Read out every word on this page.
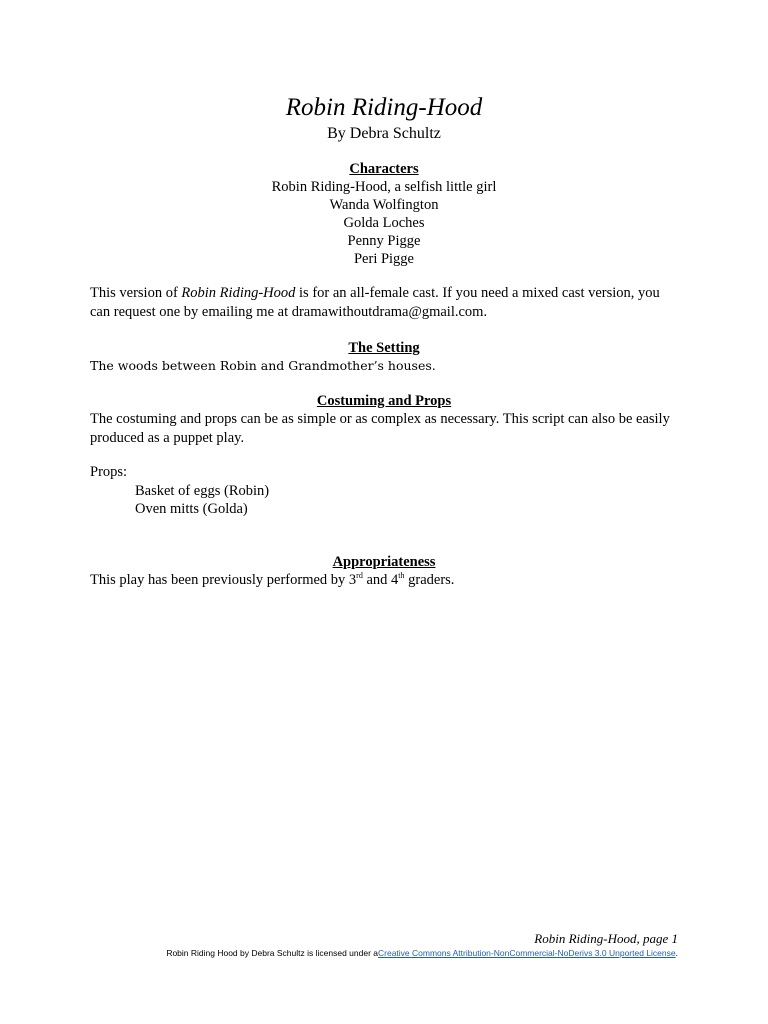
Robin Riding-Hood
By Debra Schultz
Characters
Robin Riding-Hood, a selfish little girl
Wanda Wolfington
Golda Loches
Penny Pigge
Peri Pigge
This version of Robin Riding-Hood is for an all-female cast. If you need a mixed cast version, you can request one by emailing me at dramawithoutdrama@gmail.com.
The Setting
The woods between Robin and Grandmother’s houses.
Costuming and Props
The costuming and props can be as simple or as complex as necessary. This script can also be easily produced as a puppet play.
Props:
Basket of eggs (Robin)
Oven mitts (Golda)
Appropriateness
This play has been previously performed by 3rd and 4th graders.
Robin Riding-Hood, page 1
Robin Riding Hood by Debra Schultz is licensed under aCreative Commons Attribution-NonCommercial-NoDerivs 3.0 Unported License.
